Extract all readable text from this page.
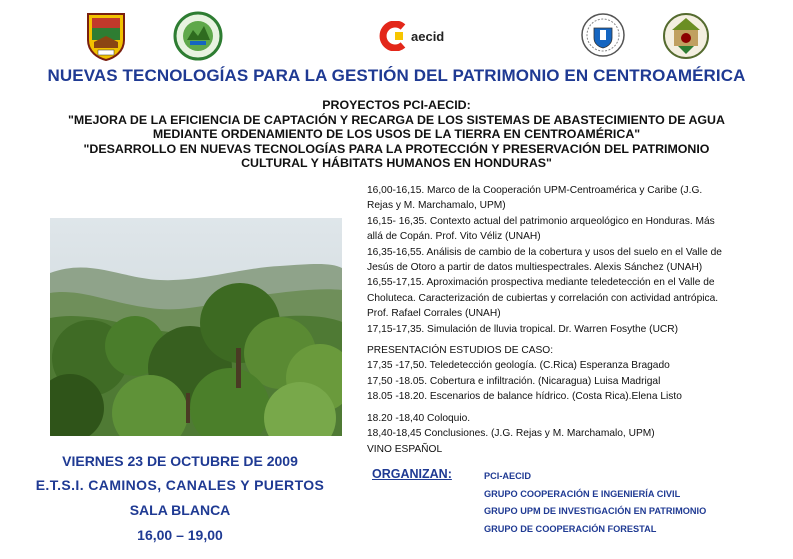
aecid
NUEVAS TECNOLOGÍAS PARA LA GESTIÓN DEL PATRIMONIO EN CENTROAMÉRICA
PROYECTOS PCI-AECID:
"MEJORA DE LA EFICIENCIA DE CAPTACIÓN Y RECARGA DE LOS SISTEMAS DE ABASTECIMIENTO DE AGUA
MEDIANTE ORDENAMIENTO DE LOS USOS DE LA TIERRA EN CENTROAMÉRICA"
"DESARROLLO EN NUEVAS TECNOLOGÍAS PARA LA PROTECCIÓN Y PRESERVACIÓN DEL PATRIMONIO
CULTURAL Y HÁBITATS HUMANOS EN HONDURAS"
16,00-16,15. Marco de la Cooperación UPM-Centroamérica y Caribe (J.G.
Rejas y M. Marchamalo, UPM)
16,15- 16,35. Contexto actual del patrimonio arqueológico en Honduras. Más
allá de Copán. Prof. Vito Véliz (UNAH)
16,35-16,55. Análisis de cambio de la cobertura y usos del suelo en el Valle de
Jesús de Otoro a partir de datos multiespectrales. Alexis Sánchez (UNAH)
16,55-17,15. Aproximación prospectiva mediante teledetección en el Valle de
Choluteca. Caracterización de cubiertas y correlación con actividad antrópica.
Prof. Rafael Corrales (UNAH)
17,15-17,35. Simulación de lluvia tropical. Dr. Warren Fosythe (UCR)
PRESENTACIÓN ESTUDIOS DE CASO:
17,35 -17,50. Teledetección geología. (C.Rica) Esperanza Bragado
17,50 -18.05. Cobertura e infiltración. (Nicaragua) Luisa Madrigal
18.05 -18.20. Escenarios de balance hídrico. (Costa Rica).Elena Listo
18.20 -18,40 Coloquio.
18,40-18,45 Conclusiones. (J.G. Rejas y M. Marchamalo, UPM)
VINO ESPAÑOL
VIERNES 23 DE OCTUBRE DE 2009
E.T.S.I. CAMINOS, CANALES Y PUERTOS
SALA BLANCA
16,00 – 19,00
ORGANIZAN:	PCI-AECID
GRUPO COOPERACIÓN E INGENIERÍA CIVIL
GRUPO UPM DE INVESTIGACIÓN EN PATRIMONIO
GRUPO DE COOPERACIÓN FORESTAL
